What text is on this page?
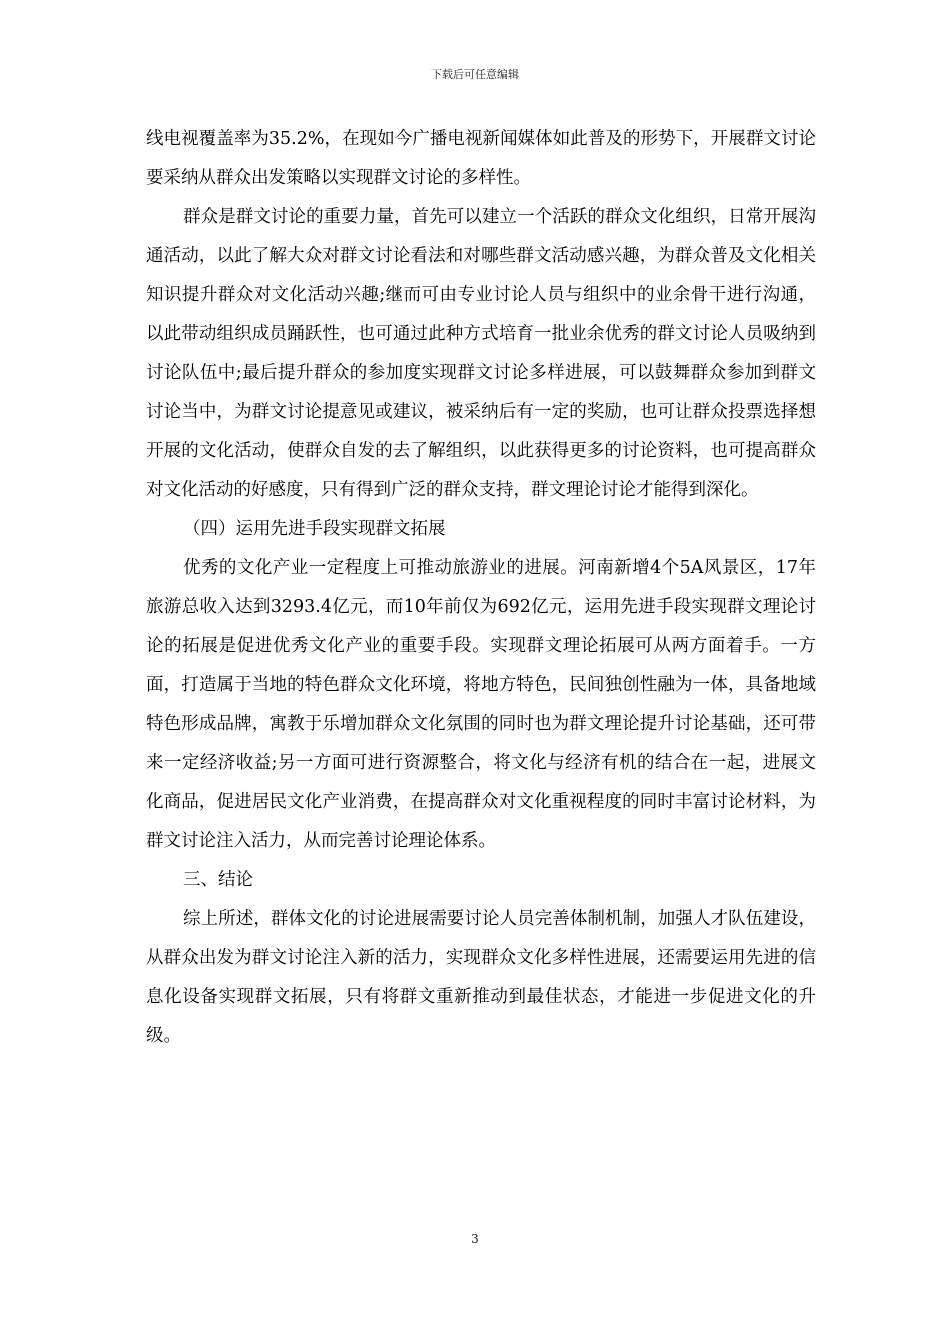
下载后可任意编辑

线电视覆盖率为35.2%，在现如今广播电视新闻媒体如此普及的形势下，开展群文讨论要采纳从群众出发策略以实现群文讨论的多样性。

群众是群文讨论的重要力量，首先可以建立一个活跃的群众文化组织，日常开展沟通活动，以此了解大众对群文讨论看法和对哪些群文活动感兴趣，为群众普及文化相关知识提升群众对文化活动兴趣;继而可由专业讨论人员与组织中的业余骨干进行沟通，以此带动组织成员踊跃性，也可通过此种方式培育一批业余优秀的群文讨论人员吸纳到讨论队伍中;最后提升群众的参加度实现群文讨论多样进展，可以鼓舞群众参加到群文讨论当中，为群文讨论提意见或建议，被采纳后有一定的奖励，也可让群众投票选择想开展的文化活动，使群众自发的去了解组织，以此获得更多的讨论资料，也可提高群众对文化活动的好感度，只有得到广泛的群众支持，群文理论讨论才能得到深化。

（四）运用先进手段实现群文拓展

优秀的文化产业一定程度上可推动旅游业的进展。河南新增4个5A风景区，17年旅游总收入达到3293.4亿元，而10年前仅为692亿元，运用先进手段实现群文理论讨论的拓展是促进优秀文化产业的重要手段。实现群文理论拓展可从两方面着手。一方面，打造属于当地的特色群众文化环境，将地方特色，民间独创性融为一体，具备地域特色形成品牌，寓教于乐增加群众文化氛围的同时也为群文理论提升讨论基础，还可带来一定经济收益;另一方面可进行资源整合，将文化与经济有机的结合在一起，进展文化商品，促进居民文化产业消费，在提高群众对文化重视程度的同时丰富讨论材料，为群文讨论注入活力，从而完善讨论理论体系。

三、结论

综上所述，群体文化的讨论进展需要讨论人员完善体制机制，加强人才队伍建设，从群众出发为群文讨论注入新的活力，实现群众文化多样性进展，还需要运用先进的信息化设备实现群文拓展，只有将群文重新推动到最佳状态，才能进一步促进文化的升级。

3
